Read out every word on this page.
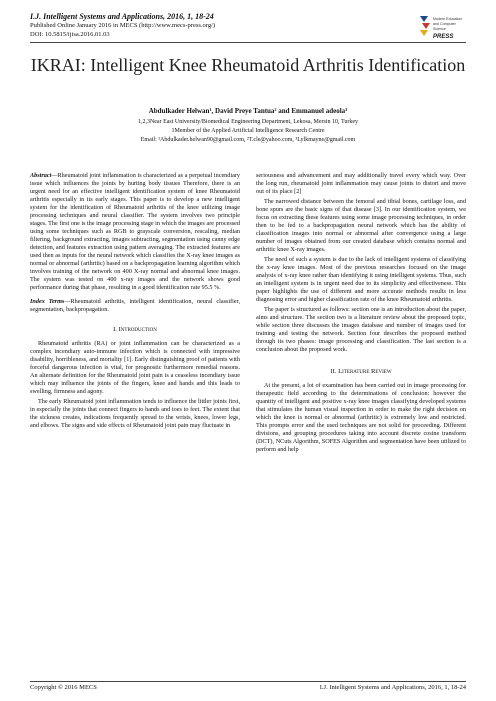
I.J. Intelligent Systems and Applications, 2016, 1, 18-24
Published Online January 2016 in MECS (http://www.mecs-press.org/)
DOI: 10.5815/ijisa.2016.01.03
Modern Education
and Computer
Science
PRESS
IKRAI: Intelligent Knee Rheumatoid Arthritis Identification
Abdulkader Helwan¹, David Preye Tantua² and Emmanuel adeola³
1,2,3Near East University/Biomedical Engineering Department, Lekosa, Mersin 10, Turkey
1Member of the Applied Artificial Intelligence Research Centre
Email: ¹Abdulkader.helwan90@gmail.com, ²T.cle@yahoo.com, ³Lylkmayne@gmail.com

Abstract—Rheumatoid joint inflammation is characterized as a perpetual incendiary issue which influences the joints by hurting body tissues Therefore, there is an urgent need for an effective intelligent identification system of knee Rheumatoid arthritis especially in its early stages. This paper is to develop a new intelligent system for the identification of Rheumatoid arthritis of the knee utilizing image processing techniques and neural classifier. The system involves two principle stages. The first one is the image processing stage in which the images are processed using some techniques such as RGB to grayscale conversion, rescaling, median filtering, background extracting, images subtracting, segmentation using canny edge detection, and features extraction using pattern averaging. The extracted features are used then as inputs for the neural network which classifies the X-ray knee images as normal or abnormal (arthritic) based on a backpropagation learning algorithm which involves training of the network on 400 X-ray normal and abnormal knee images. The system was tested on 400 x-ray images and the network shows good performance during that phase, resulting in a good identification rate 95.5 %.

Index Terms—Rheumatoid arthritis, intelligent identification, neural classifier, segmentation, backpropagation.

I. Introduction

Rheumatoid arthritis (RA) or joint inflammation can be characterized as a complex incendiary auto-immune infection which is connected with impressive disability, horribleness, and mortality [1]. Early distinguishing proof of patients with forceful dangerous infection is vital, for prognostic furthermore remedial reasons. An alternate definition for the Rheumatoid joint pain is a ceaseless incendiary issue which may influence the joints of the fingers, knee and hands and this leads to swelling, firmness and agony.

The early Rheumatoid joint inflammation tends to influence the littler joints first, in especially the joints that connect fingers to hands and toes to feet. The extent that the sickness creates, indications frequently spread to the wrists, knees, lower legs, and elbows. The signs and side effects of Rheumatoid joint pain may fluctuate in

seriousness and advancement and may additionally travel every which way. Over the long run, rheumatoid joint inflammation may cause joints to distort and move out of its place [2]

The narrowed distance between the femoral and tibial bones, cartilage loss, and bone spurs are the basic signs of that disease [3]. In our identification system, we focus on extracting these features using some image processing techniques, in order then to be fed to a backpropagation neural network which has the ability of classification images into normal or abnormal after convergence using a large number of images obtained from our created database which contains normal and arthritic knee X-ray images.

The need of such a system is due to the lack of intelligent systems of classifying the x-ray knee images. Most of the previous researches focused on the image analysis of x-ray knee rather than identifying it using intelligent systems. Thus, such an intelligent system is in urgent need due to its simplicity and effectiveness. This paper highlights the use of different and more accurate methods results in less diagnosing error and higher classification rate of the knee Rheumatoid arthritis.

The paper is structured as follows: section one is an introduction about the paper, aims and structure. The section two is a literature review about the proposed topic, while section three discusses the images database and number of images used for training and testing the network. Section four describes the proposed method through its two phases: image processing and classification. The last section is a conclusion about the proposed work.

II. Literature Review

At the present, a lot of examination has been carried out in image processing for therapeutic field according to the determinations of conclusion: however the quantity of intelligent and positive x-ray knee images classifying developed systems that stimulates the human visual inspection in order to make the right decision on which the knee is normal or abnormal (arthritic) is extremely low and restricted. This prompts error and the used techniques are not solid for proceeding. Different divisions, and grouping procedures taking into account discrete cosine transform (DCT), NCuts Algorithm, SOFES Algorithm and segmentation have been utilized to perform and help

Copyright © 2016 MECS	I.J. Intelligent Systems and Applications, 2016, 1, 18-24
